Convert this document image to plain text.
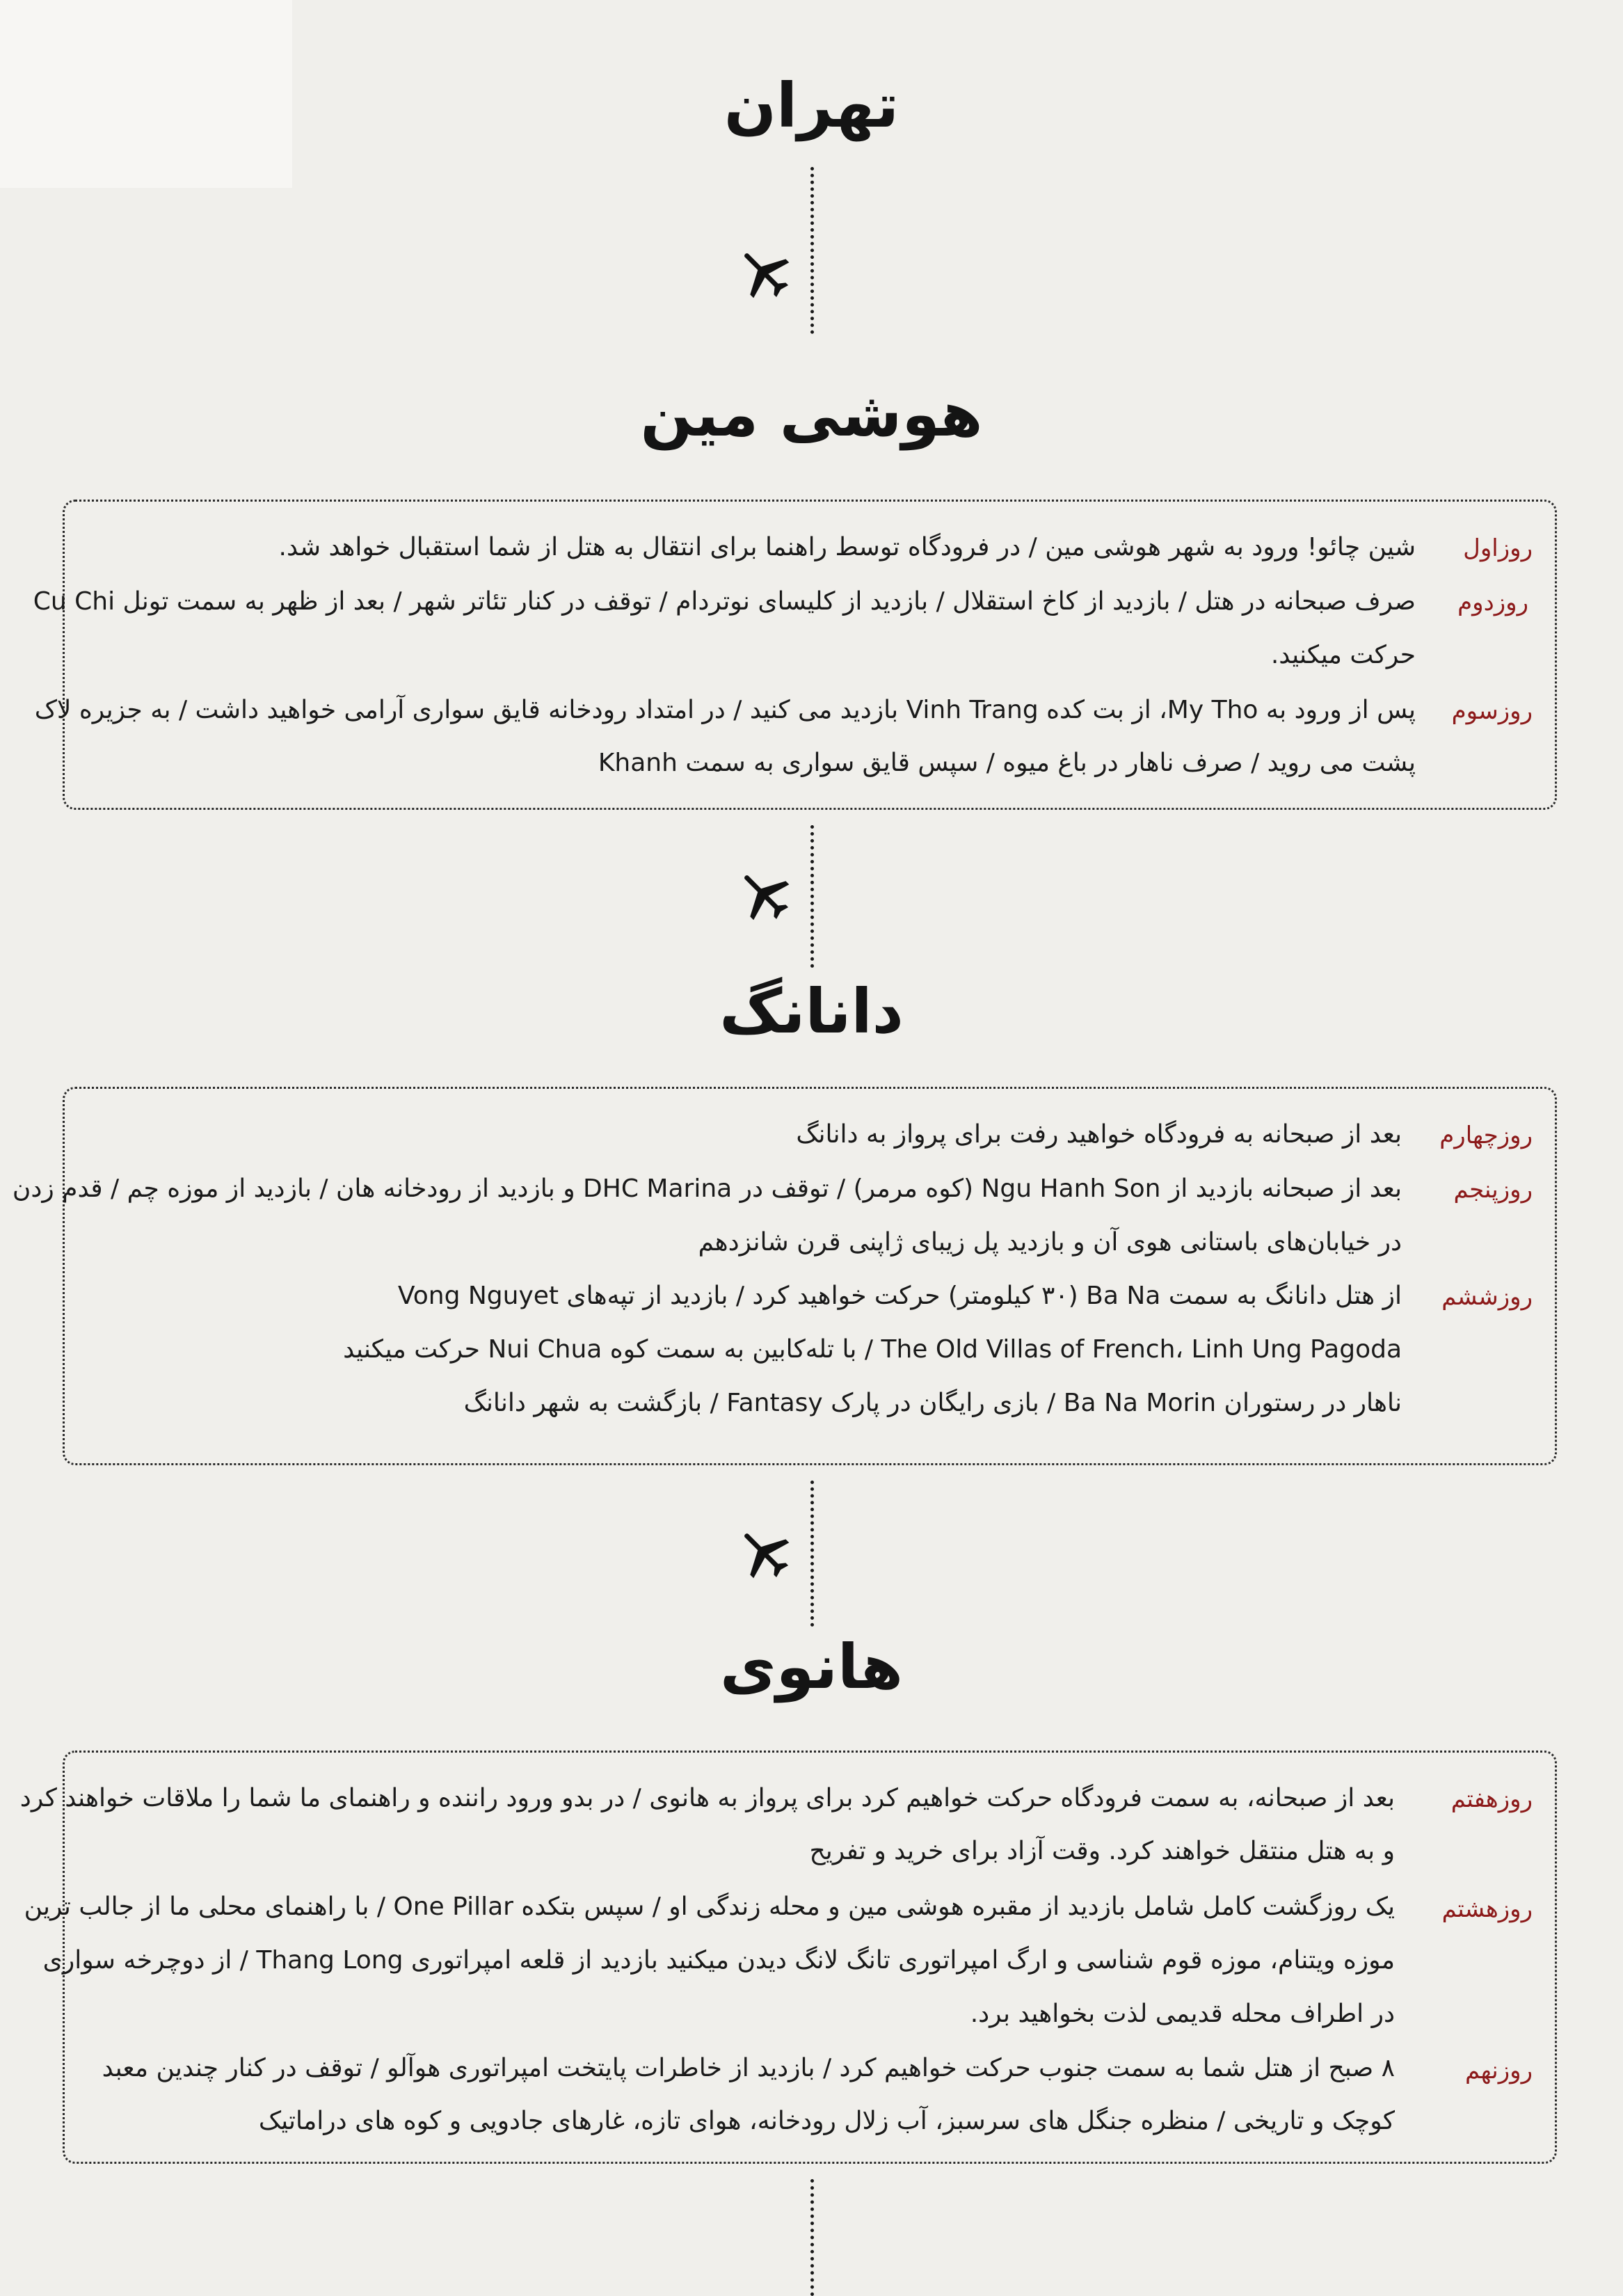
تهران
هوشی مین
روزاول
شین چائو! ورود به شهر هوشی مین / در فرودگاه توسط راهنما برای انتقال به هتل از شما استقبال خواهد شد.
روزدوم
صرف صبحانه در هتل / بازدید از کاخ استقلال / بازدید از کلیسای نوتردام / توقف در کنار تئاتر شهر / بعد از ظهر به سمت تونل Cu Chi
حرکت میکنید.
روزسوم
پس از ورود به My Tho، از بت کده Vinh Trang بازدید می کنید / در امتداد رودخانه قایق سواری آرامی خواهید داشت / به جزیره لاک
پشت می روید / صرف ناهار در باغ میوه / سپس قایق سواری به سمت Khanh
دانانگ
روزچهارم
بعد از صبحانه به فرودگاه خواهید رفت برای پرواز به دانانگ
روزپنجم
بعد از صبحانه بازدید از Ngu Hanh Son (کوه مرمر) / توقف در DHC Marina و بازدید از رودخانه هان / بازدید از موزه چم / قدم زدن
در خیابان‌های باستانی هوی آن و بازدید پل زیبای ژاپنی قرن شانزدهم
روزششم
از هتل دانانگ به سمت Ba Na (۳۰ کیلومتر) حرکت خواهید کرد / بازدید از تپه‌های Vong Nguyet
The Old Villas of French، Linh Ung Pagoda / با تله‌کابین به سمت کوه Nui Chua حرکت میکنید
ناهار در رستوران Ba Na Morin / بازی رایگان در پارک Fantasy / بازگشت به شهر دانانگ
هانوی
روزهفتم
بعد از صبحانه، به سمت فرودگاه حرکت خواهیم کرد برای پرواز به هانوی / در بدو ورود راننده و راهنمای ما شما را ملاقات خواهند کرد
و به هتل منتقل خواهند کرد. وقت آزاد برای خرید و تفریح
روزهشتم
یک روزگشت کامل شامل بازدید از مقبره هوشی مین و محله زندگی او / سپس بتکده One Pillar / با راهنمای محلی ما از جالب ترین
موزه ویتنام، موزه قوم شناسی و ارگ امپراتوری تانگ لانگ دیدن میکنید بازدید از قلعه امپراتوری Thang Long / از دوچرخه سواری
در اطراف محله قدیمی لذت بخواهید برد.
روزنهم
۸ صبح از هتل شما به سمت جنوب حرکت خواهیم کرد / بازدید از خاطرات پایتخت امپراتوری هوآلو / توقف در کنار چندین معبد
کوچک و تاریخی / منظره جنگل های سرسبز، آب زلال رودخانه، هوای تازه، غارهای جادویی و کوه های دراماتیک
